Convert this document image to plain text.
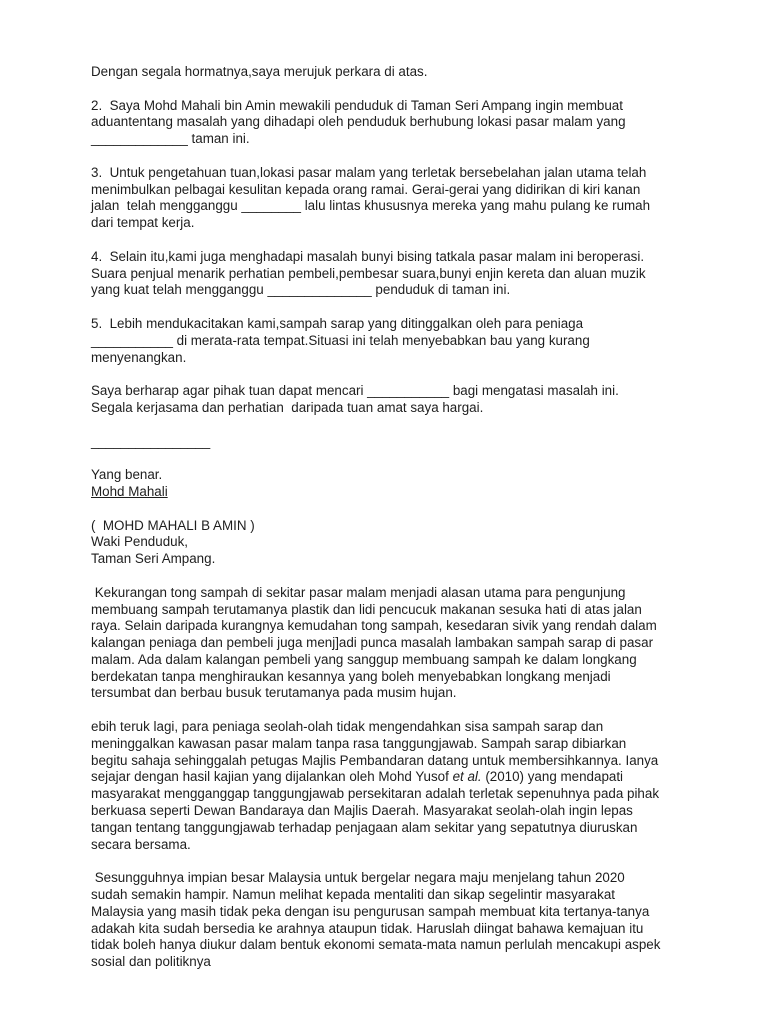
Dengan segala hormatnya,saya merujuk perkara di atas.

2.  Saya Mohd Mahali bin Amin mewakili penduduk di Taman Seri Ampang ingin membuat

aduantentang masalah yang dihadapi oleh penduduk berhubung lokasi pasar malam yang

_____________ taman ini.

3.  Untuk pengetahuan tuan,lokasi pasar malam yang terletak bersebelahan jalan utama telah

menimbulkan pelbagai kesulitan kepada orang ramai. Gerai-gerai yang didirikan di kiri kanan

jalan  telah mengganggu ________ lalu lintas khususnya mereka yang mahu pulang ke rumah

dari tempat kerja.

4.  Selain itu,kami juga menghadapi masalah bunyi bising tatkala pasar malam ini beroperasi.

Suara penjual menarik perhatian pembeli,pembesar suara,bunyi enjin kereta dan aluan muzik

yang kuat telah mengganggu ______________ penduduk di taman ini.

5.  Lebih mendukacitakan kami,sampah sarap yang ditinggalkan oleh para peniaga

___________ di merata-rata tempat.Situasi ini telah menyebabkan bau yang kurang

menyenangkan.

Saya berharap agar pihak tuan dapat mencari ___________ bagi mengatasi masalah ini.

Segala kerjasama dan perhatian  daripada tuan amat saya hargai.

________________

Yang benar.

Mohd Mahali

(  MOHD MAHALI B AMIN )

Waki Penduduk,

Taman Seri Ampang.

Kekurangan tong sampah di sekitar pasar malam menjadi alasan utama para pengunjung

membuang sampah terutamanya plastik dan lidi pencucuk makanan sesuka hati di atas jalan

raya. Selain daripada kurangnya kemudahan tong sampah, kesedaran sivik yang rendah dalam

kalangan peniaga dan pembeli juga menj]adi punca masalah lambakan sampah sarap di pasar

malam. Ada dalam kalangan pembeli yang sanggup membuang sampah ke dalam longkang

berdekatan tanpa menghiraukan kesannya yang boleh menyebabkan longkang menjadi

tersumbat dan berbau busuk terutamanya pada musim hujan.

ebih teruk lagi, para peniaga seolah-olah tidak mengendahkan sisa sampah sarap dan

meninggalkan kawasan pasar malam tanpa rasa tanggungjawab. Sampah sarap dibiarkan

begitu sahaja sehinggalah petugas Majlis Pembandaran datang untuk membersihkannya. Ianya

sejajar dengan hasil kajian yang dijalankan oleh Mohd Yusof et al. (2010) yang mendapati

masyarakat mengganggap tanggungjawab persekitaran adalah terletak sepenuhnya pada pihak

berkuasa seperti Dewan Bandaraya dan Majlis Daerah. Masyarakat seolah-olah ingin lepas

tangan tentang tanggungjawab terhadap penjagaan alam sekitar yang sepatutnya diuruskan

secara bersama.

Sesungguhnya impian besar Malaysia untuk bergelar negara maju menjelang tahun 2020

sudah semakin hampir. Namun melihat kepada mentaliti dan sikap segelintir masyarakat

Malaysia yang masih tidak peka dengan isu pengurusan sampah membuat kita tertanya-tanya

adakah kita sudah bersedia ke arahnya ataupun tidak. Haruslah diingat bahawa kemajuan itu

tidak boleh hanya diukur dalam bentuk ekonomi semata-mata namun perlulah mencakupi aspek

sosial dan politiknya
